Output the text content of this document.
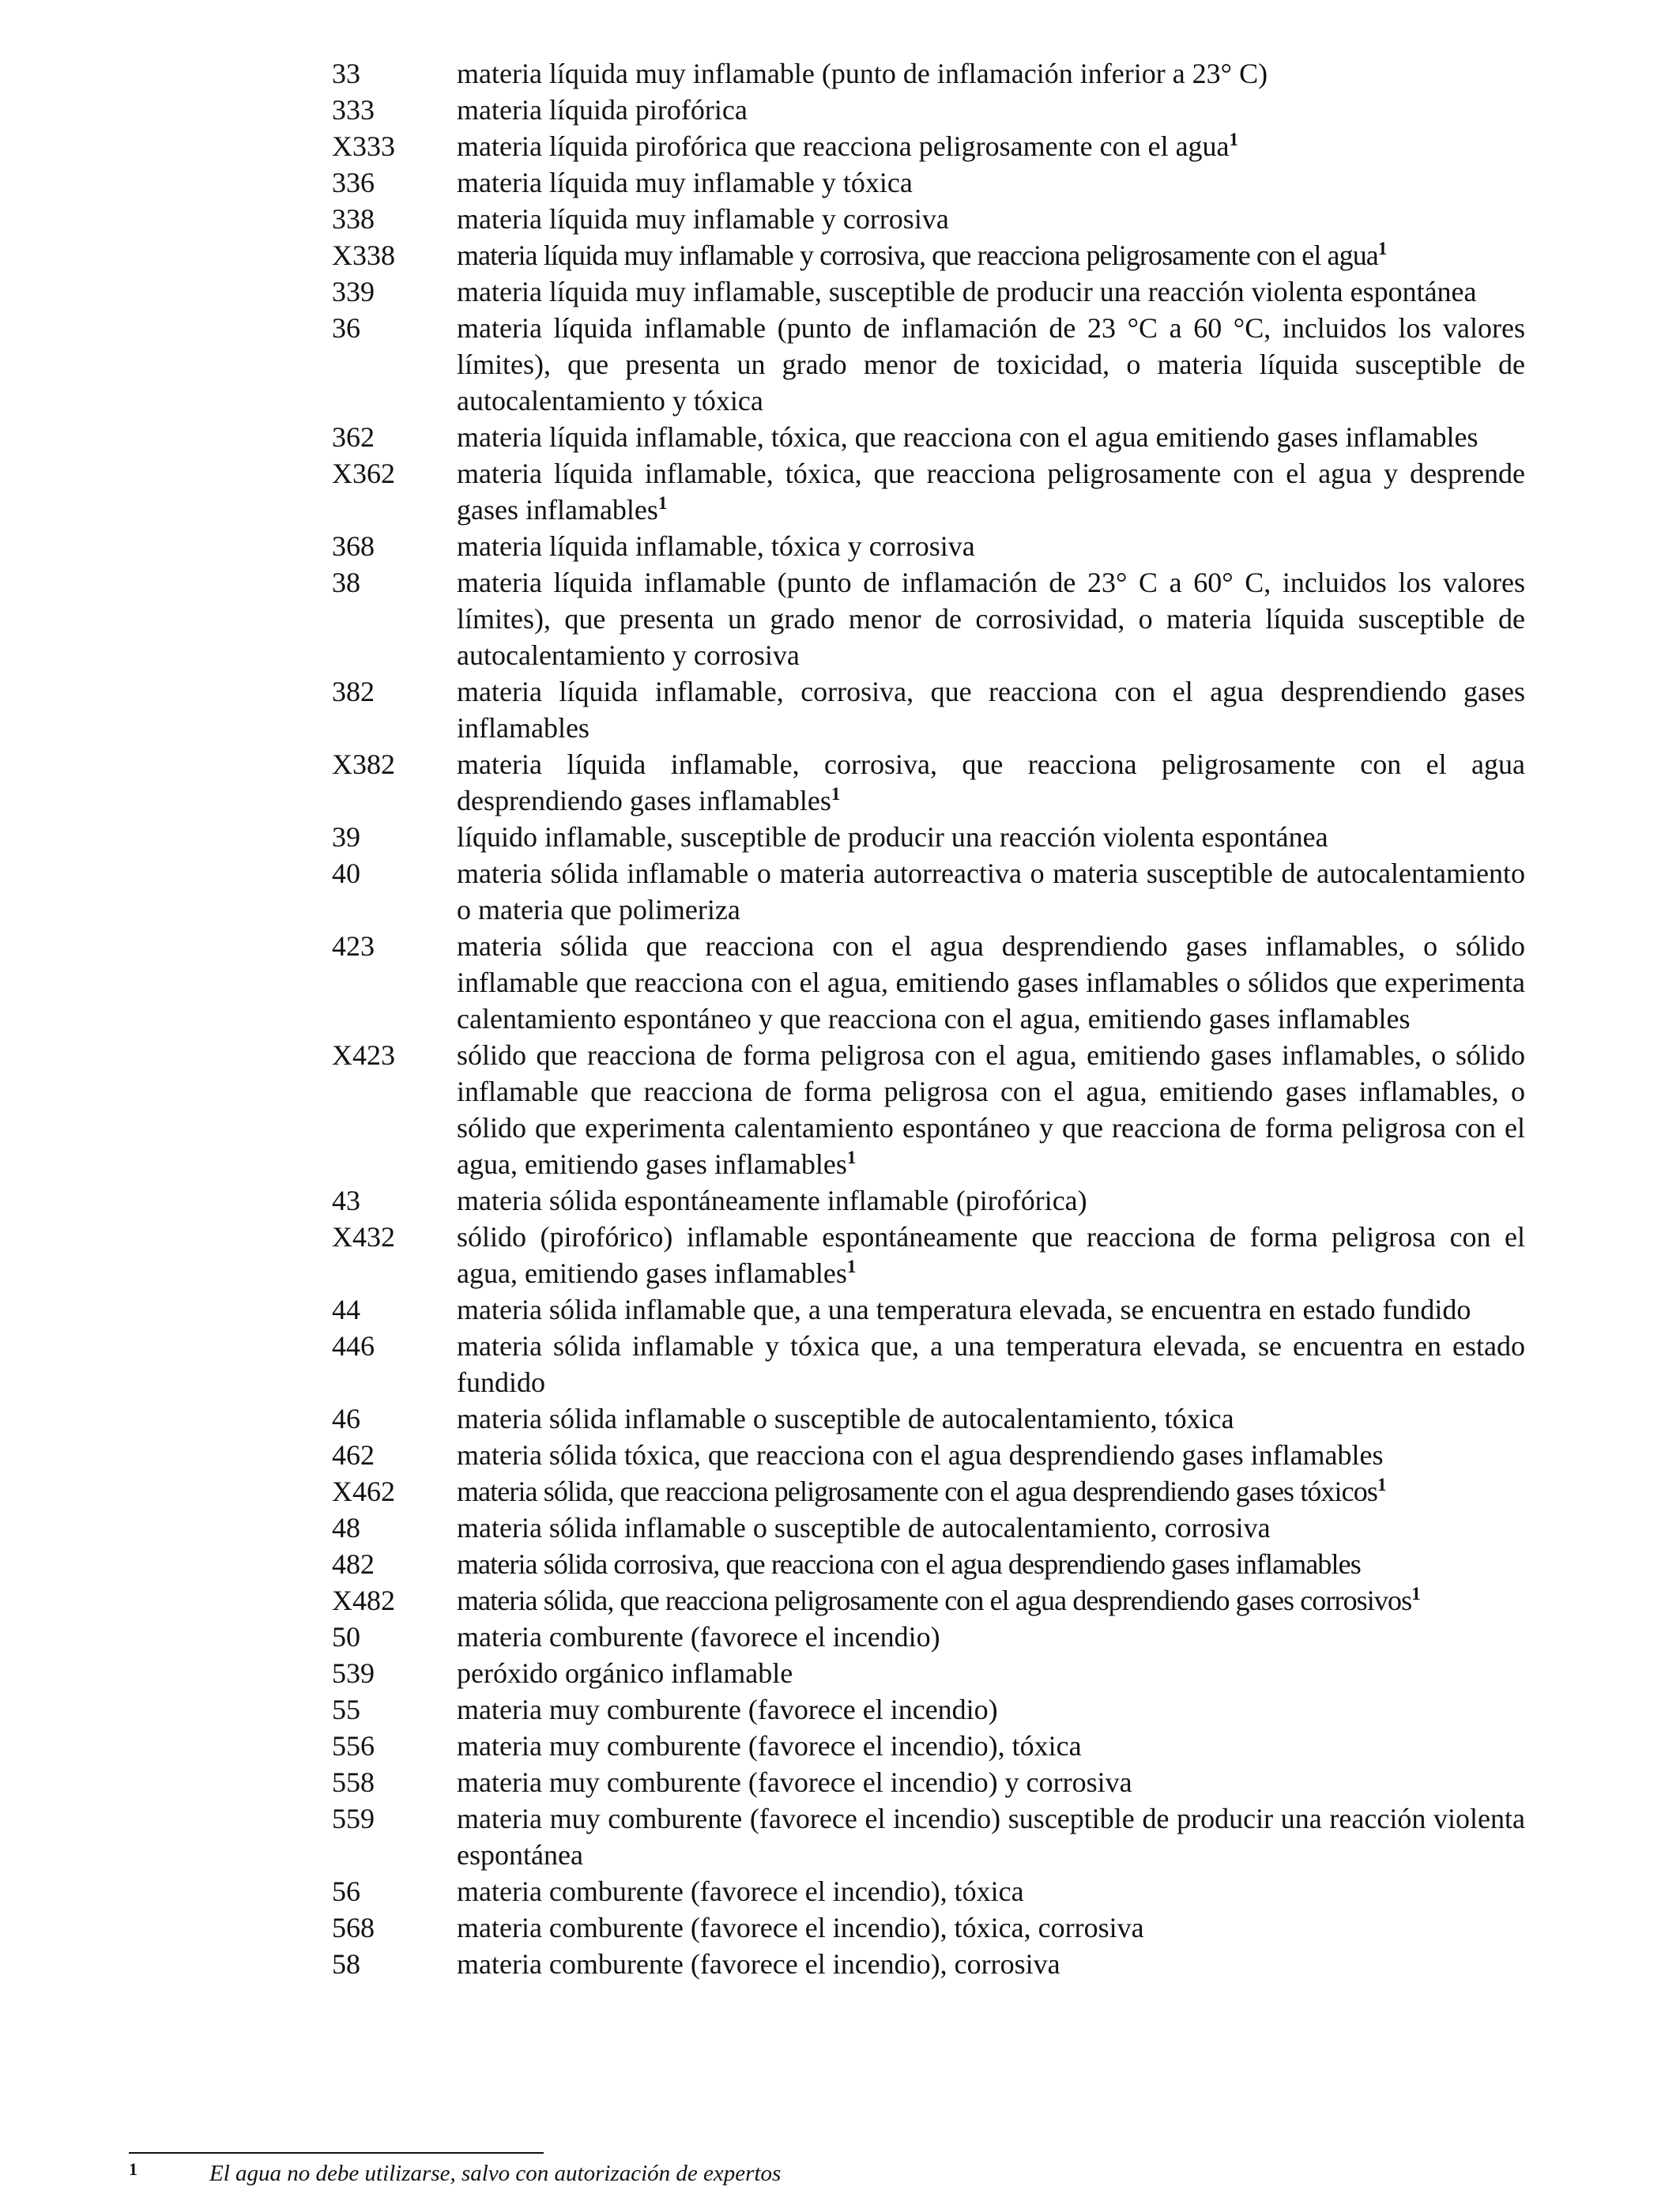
33	materia líquida muy inflamable (punto de inflamación inferior a 23° C)
333	materia líquida pirofórica
X333	materia líquida pirofórica que reacciona peligrosamente con el agua$^1$
336	materia líquida muy inflamable y tóxica
338	materia líquida muy inflamable y corrosiva
X338	materia líquida muy inflamable y corrosiva, que reacciona peligrosamente con el agua$^1$
339	materia líquida muy inflamable, susceptible de producir una reacción violenta espontánea
36	materia líquida inflamable (punto de inflamación de 23 °C a 60 °C, incluidos los valores límites), que presenta un grado menor de toxicidad, o materia líquida susceptible de autocalentamiento y tóxica
362	materia líquida inflamable, tóxica, que reacciona con el agua emitiendo gases inflamables
X362	materia líquida inflamable, tóxica, que reacciona peligrosamente con el agua y desprende gases inflamables$^1$
368	materia líquida inflamable, tóxica y corrosiva
38	materia líquida inflamable (punto de inflamación de 23° C a 60° C, incluidos los valores límites), que presenta un grado menor de corrosividad, o materia líquida susceptible de autocalentamiento y corrosiva
382	materia líquida inflamable, corrosiva, que reacciona con el agua desprendiendo gases inflamables
X382	materia líquida inflamable, corrosiva, que reacciona peligrosamente con el agua desprendiendo gases inflamables$^1$
39	líquido inflamable, susceptible de producir una reacción violenta espontánea
40	materia sólida inflamable o materia autorreactiva o materia susceptible de autocalentamiento o materia que polimeriza
423	materia sólida que reacciona con el agua desprendiendo gases inflamables, o sólido inflamable que reacciona con el agua, emitiendo gases inflamables o sólidos que experimenta calentamiento espontáneo y que reacciona con el agua, emitiendo gases inflamables
X423	sólido que reacciona de forma peligrosa con el agua, emitiendo gases inflamables, o sólido inflamable que reacciona de forma peligrosa con el agua, emitiendo gases inflamables, o sólido que experimenta calentamiento espontáneo y que reacciona de forma peligrosa con el agua, emitiendo gases inflamables$^1$
43	materia sólida espontáneamente inflamable (pirofórica)
X432	sólido (pirofórico) inflamable espontáneamente que reacciona de forma peligrosa con el agua, emitiendo gases inflamables$^1$
44	materia sólida inflamable que, a una temperatura elevada, se encuentra en estado fundido
446	materia sólida inflamable y tóxica que, a una temperatura elevada, se encuentra en estado fundido
46	materia sólida inflamable o susceptible de autocalentamiento, tóxica
462	materia sólida tóxica, que reacciona con el agua desprendiendo gases inflamables
X462	materia sólida, que reacciona peligrosamente con el agua desprendiendo gases tóxicos$^1$
48	materia sólida inflamable o susceptible de autocalentamiento, corrosiva
482	materia sólida corrosiva, que reacciona con el agua desprendiendo gases inflamables
X482	materia sólida, que reacciona peligrosamente con el agua desprendiendo gases corrosivos$^1$
50	materia comburente (favorece el incendio)
539	peróxido orgánico inflamable
55	materia muy comburente (favorece el incendio)
556	materia muy comburente (favorece el incendio), tóxica
558	materia muy comburente (favorece el incendio) y corrosiva
559	materia muy comburente (favorece el incendio) susceptible de producir una reacción violenta espontánea
56	materia comburente (favorece el incendio), tóxica
568	materia comburente (favorece el incendio), tóxica, corrosiva
58	materia comburente (favorece el incendio), corrosiva
1	El agua no debe utilizarse, salvo con autorización de expertos
